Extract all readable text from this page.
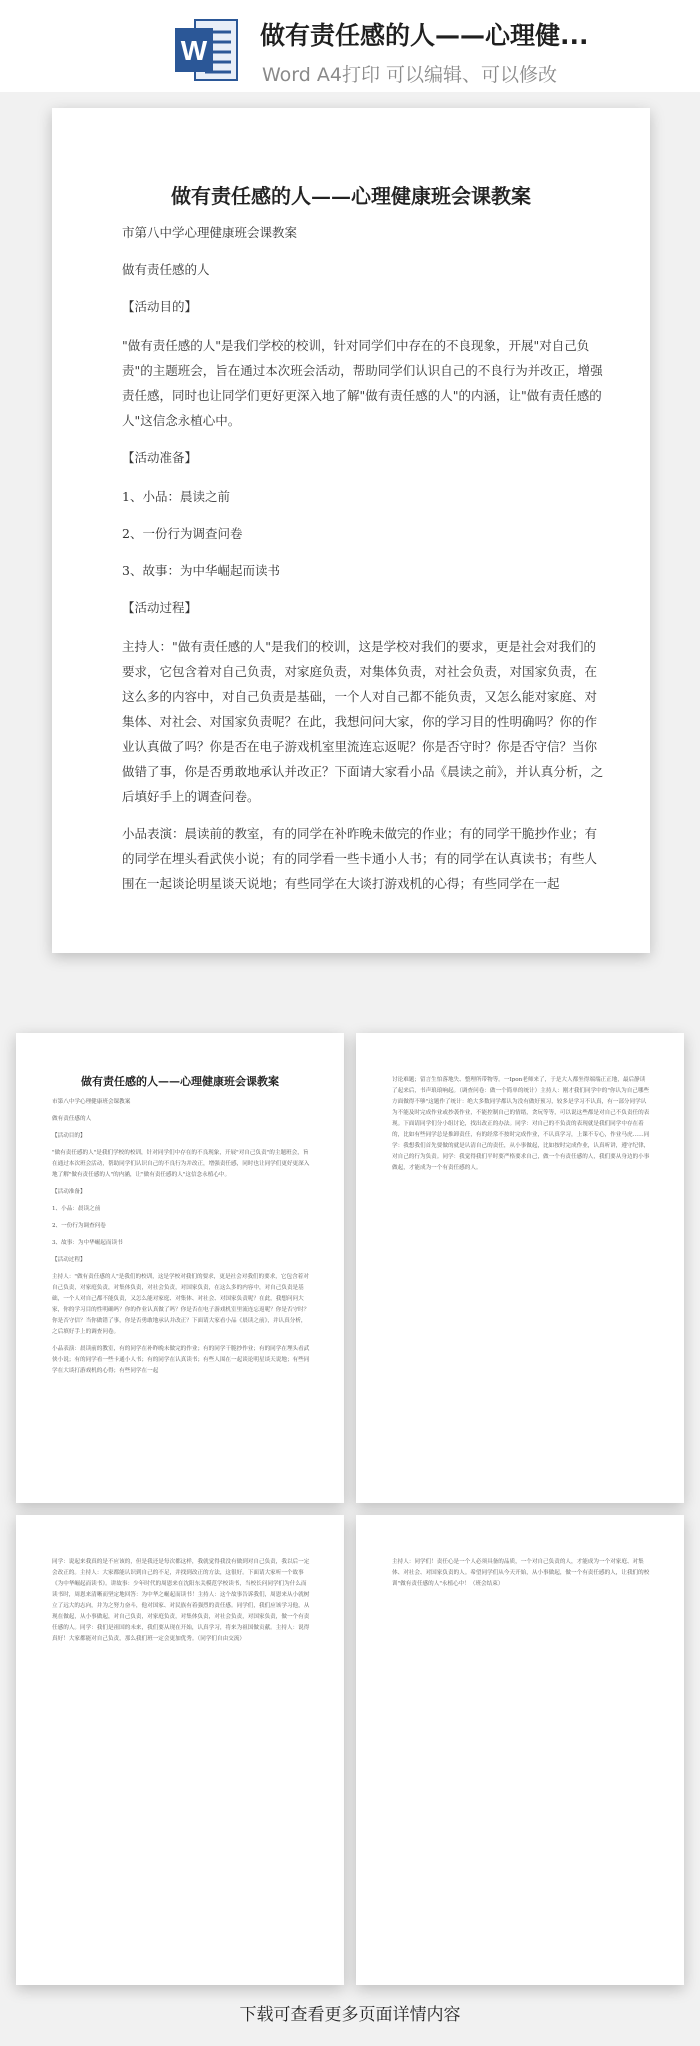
W 做有责任感的人——心理健...
Word A4打印 可以编辑、可以修改
做有责任感的人——心理健康班会课教案

市第八中学心理健康班会课教案

做有责任感的人

【活动目的】

"做有责任感的人"是我们学校的校训，针对同学们中存在的不良现象，开展"对自己负责"的主题班会，旨在通过本次班会活动，帮助同学们认识自己的不良行为并改正，增强责任感，同时也让同学们更好更深入地了解"做有责任感的人"的内涵，让"做有责任感的人"这信念永植心中。

【活动准备】

1、小品：晨读之前

2、一份行为调查问卷

3、故事：为中华崛起而读书

【活动过程】

主持人："做有责任感的人"是我们的校训，这是学校对我们的要求，更是社会对我们的要求，它包含着对自己负责，对家庭负责，对集体负责，对社会负责，对国家负责，在这么多的内容中，对自己负责是基础，一个人对自己都不能负责，又怎么能对家庭、对集体、对社会、对国家负责呢？在此，我想问问大家，你的学习目的性明确吗？你的作业认真做了吗？你是否在电子游戏机室里流连忘返呢？你是否守时？你是否守信？当你做错了事，你是否勇敢地承认并改正？下面请大家看小品《晨读之前》，并认真分析，之后填好手上的调查问卷。

小品表演：晨读前的教室，有的同学在补昨晚未做完的作业；有的同学干脆抄作业；有的同学在埋头看武侠小说；有的同学看一些卡通小人书；有的同学在认真读书；有些人围在一起谈论明星谈天说地；有些同学在大谈打游戏机的心得；有些同学在一起

做有责任感的人——心理健康班会课教案

市第八中学心理健康班会课教案

做有责任感的人

【活动目的】

"做有责任感的人"是我们学校的校训，针对同学们中存在的不良现象，开展"对自己负责"的主题班会，旨在通过本次班会活动，帮助同学们认识自己的不良行为并改正，增强责任感，同时也让同学们更好更深入地了解"做有责任感的人"的内涵，让"做有责任感的人"这信念永植心中。

【活动准备】

1、小品：晨读之前

2、一份行为调查问卷

3、故事：为中华崛起而读书

【活动过程】

主持人："做有责任感的人"是我们的校训，这是学校对我们的要求，更是社会对我们的要求，它包含着对自己负责，对家庭负责，对集体负责，对社会负责，对国家负责，在这么多的内容中，对自己负责是基础，一个人对自己都不能负责，又怎么能对家庭、对集体、对社会、对国家负责呢？在此，我想问问大家，你的学习目的性明确吗？你的作业认真做了吗？你是否在电子游戏机室里流连忘返呢？你是否守时？你是否守信？当你做错了事，你是否勇敢地承认并改正？下面请大家看小品《晨读之前》，并认真分析，之后填好手上的调查问卷。

小品表演：晨读前的教室，有的同学在补昨晚未做完的作业；有的同学干脆抄作业；有的同学在埋头看武侠小说；有的同学看一些卡通小人书；有的同学在认真读书；有些人围在一起谈论明星谈天说地；有些同学在大谈打游戏机的心得；有些同学在一起

讨论难题；留言生怕落地失、整理所带物等。一Ipon老师来了，于是大人都坐得端端正正地，最后静读了起来后，书声琅琅响起。（调查问卷：做一个简单的统计）主持人：刚才我们同学中的"你认为自己哪些方面做得不够"这题作了统计：绝大多数同学都认为没有做好预习，较多是学习不认真，有一部分同学认为不能及时完成作业或抄袭作业，不能控制自己的情绪，贪玩等等，可以说这些都是对自己不负责任的表现。下面请同学们分小组讨论，找出改正的办法。同学：对自己的不负责的表现就是我们同学中存在着的，比如有些同学总是推卸责任，有的经常不按时完成作业，不认真学习，上课不专心，作业马虎……同学：我想我们首先要做的就是认清自己的责任，从小事做起，比如按时完成作业，认真听讲，遵守纪律，对自己的行为负责。同学：我觉得我们平时要严格要求自己，做一个有责任感的人，我们要从身边的小事做起，才能成为一个有责任感的人。

同学：说起来我真的是不应该的，但是我还是每次都这样，我就觉得我没有做到对自己负责，我以后一定会改正的。主持人：大家都能认识到自己的不足，并找到改正的方法，这很好。下面请大家听一个故事《为中华崛起而读书》。讲故事：少年时代的周恩来在沈阳东关模范学校读书，当校长问同学们为什么而读书时，周恩来清晰而坚定地回答：为中华之崛起而读书！主持人：这个故事告诉我们，周恩来从小就树立了远大的志向，并为之努力奋斗，他对国家、对民族有着强烈的责任感。同学们，我们应该学习他，从现在做起，从小事做起，对自己负责，对家庭负责，对集体负责，对社会负责，对国家负责，做一个有责任感的人。同学：我们是祖国的未来，我们要从现在开始，认真学习，将来为祖国做贡献。主持人：说得真好！大家都能对自己负责，那么我们班一定会更加优秀。（同学们自由交流）

主持人：同学们！责任心是一个人必须具备的品质，一个对自己负责的人，才能成为一个对家庭、对集体、对社会、对国家负责的人。希望同学们从今天开始，从小事做起，做一个有责任感的人，让我们的校训"做有责任感的人"永植心中！（班会结束）

下载可查看更多页面详情内容
